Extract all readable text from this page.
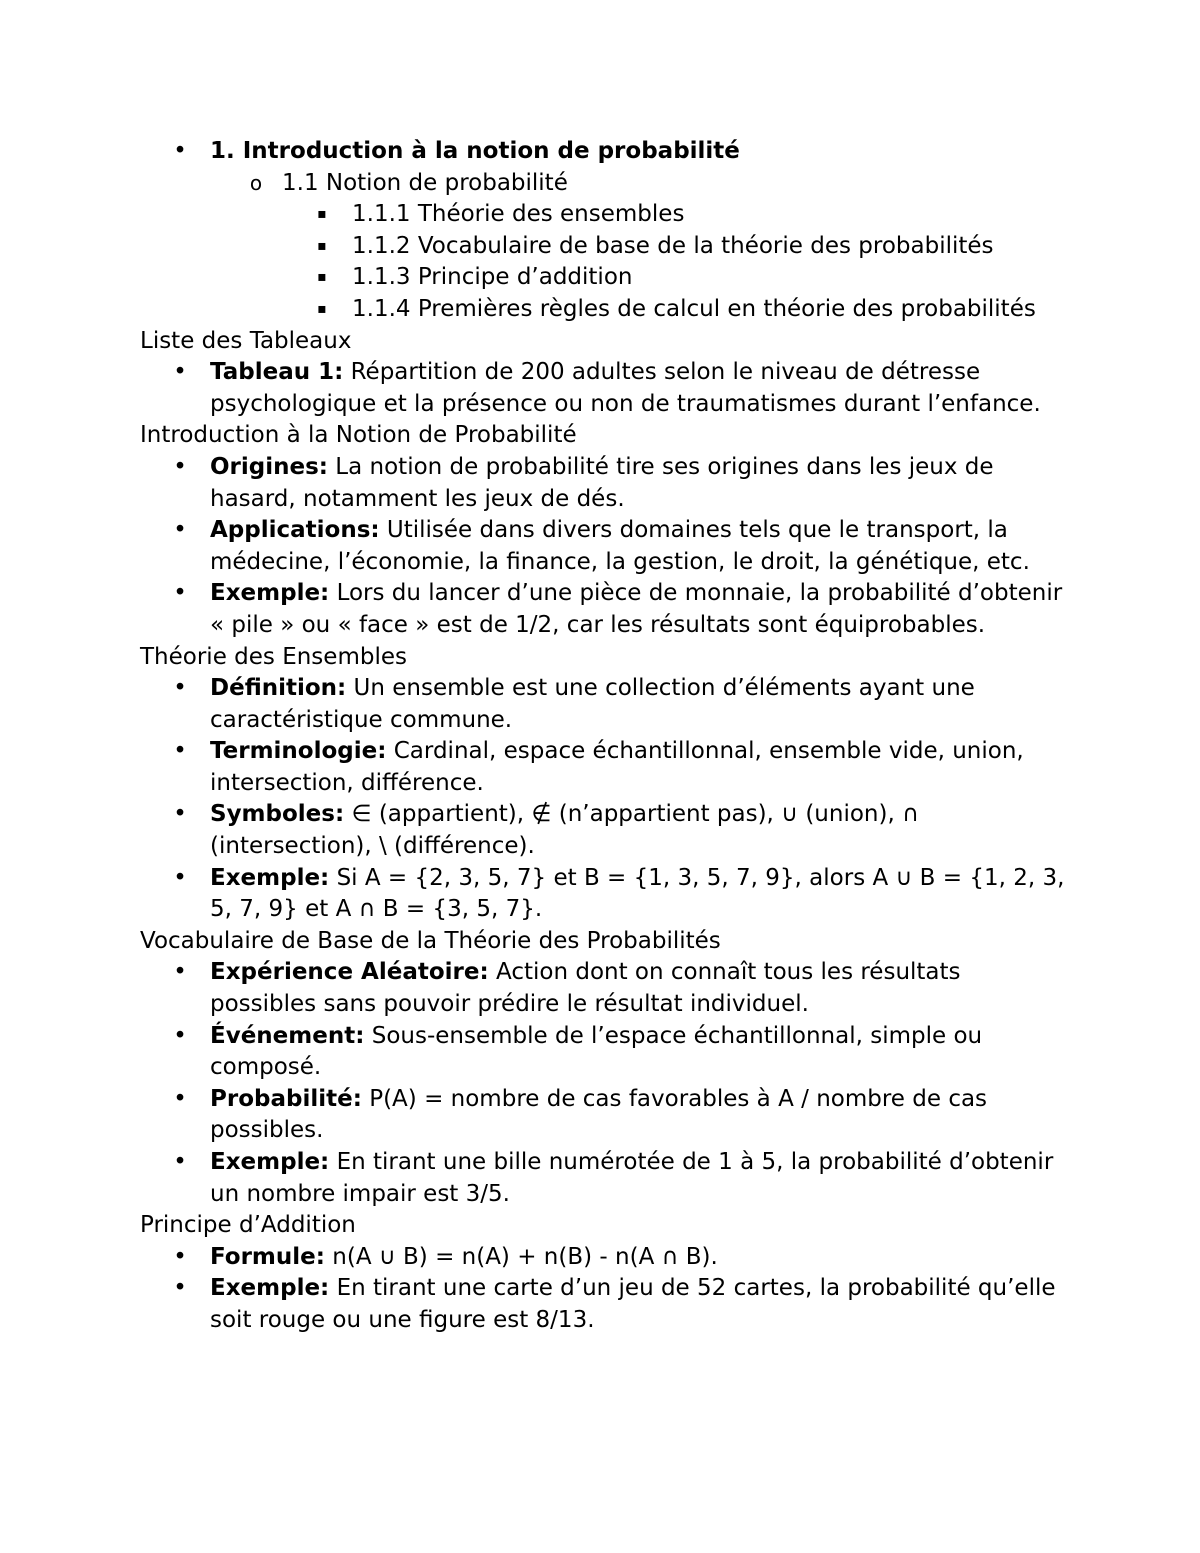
• 1. Introduction à la notion de probabilité
o 1.1 Notion de probabilité
▪ 1.1.1 Théorie des ensembles
▪ 1.1.2 Vocabulaire de base de la théorie des probabilités
▪ 1.1.3 Principe d’addition
▪ 1.1.4 Premières règles de calcul en théorie des probabilités
Liste des Tableaux
• Tableau 1: Répartition de 200 adultes selon le niveau de détresse psychologique et la présence ou non de traumatismes durant l’enfance.
Introduction à la Notion de Probabilité
• Origines: La notion de probabilité tire ses origines dans les jeux de hasard, notamment les jeux de dés.
• Applications: Utilisée dans divers domaines tels que le transport, la médecine, l’économie, la finance, la gestion, le droit, la génétique, etc.
• Exemple: Lors du lancer d’une pièce de monnaie, la probabilité d’obtenir « pile » ou « face » est de 1/2, car les résultats sont équiprobables.
Théorie des Ensembles
• Définition: Un ensemble est une collection d’éléments ayant une caractéristique commune.
• Terminologie: Cardinal, espace échantillonnal, ensemble vide, union, intersection, différence.
• Symboles: ∈ (appartient), ∉ (n’appartient pas), ∪ (union), ∩ (intersection), \ (différence).
• Exemple: Si A = {2, 3, 5, 7} et B = {1, 3, 5, 7, 9}, alors A ∪ B = {1, 2, 3, 5, 7, 9} et A ∩ B = {3, 5, 7}.
Vocabulaire de Base de la Théorie des Probabilités
• Expérience Aléatoire: Action dont on connaît tous les résultats possibles sans pouvoir prédire le résultat individuel.
• Événement: Sous-ensemble de l’espace échantillonnal, simple ou composé.
• Probabilité: P(A) = nombre de cas favorables à A / nombre de cas possibles.
• Exemple: En tirant une bille numérotée de 1 à 5, la probabilité d’obtenir un nombre impair est 3/5.
Principe d’Addition
• Formule: n(A ∪ B) = n(A) + n(B) - n(A ∩ B).
• Exemple: En tirant une carte d’un jeu de 52 cartes, la probabilité qu’elle soit rouge ou une figure est 8/13.
